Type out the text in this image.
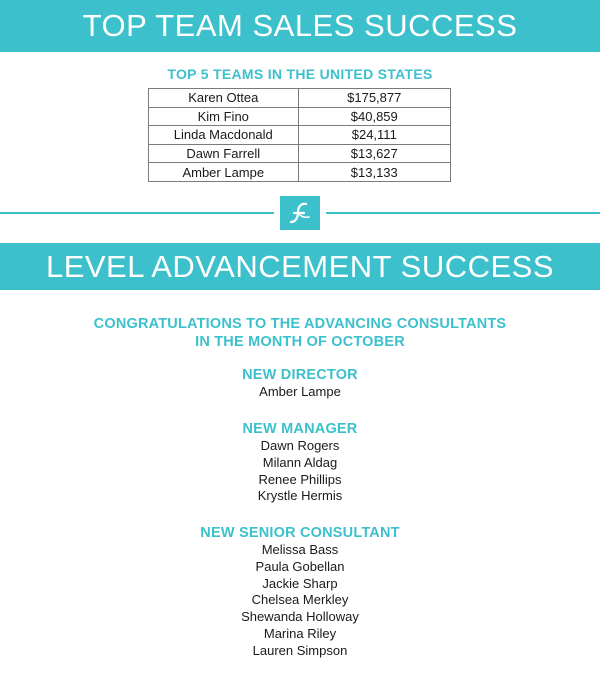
TOP TEAM SALES SUCCESS
TOP 5 TEAMS IN THE UNITED STATES
Karen Ottea	$175,877
Kim Fino	$40,859
Linda Macdonald	$24,111
Dawn Farrell	$13,627
Amber Lampe	$13,133
LEVEL ADVANCEMENT SUCCESS
CONGRATULATIONS TO THE ADVANCING CONSULTANTS
IN THE MONTH OF OCTOBER
NEW DIRECTOR
Amber Lampe
NEW MANAGER
Dawn Rogers
Milann Aldag
Renee Phillips
Krystle Hermis
NEW SENIOR CONSULTANT
Melissa Bass
Paula Gobellan
Jackie Sharp
Chelsea Merkley
Shewanda Holloway
Marina Riley
Lauren Simpson
